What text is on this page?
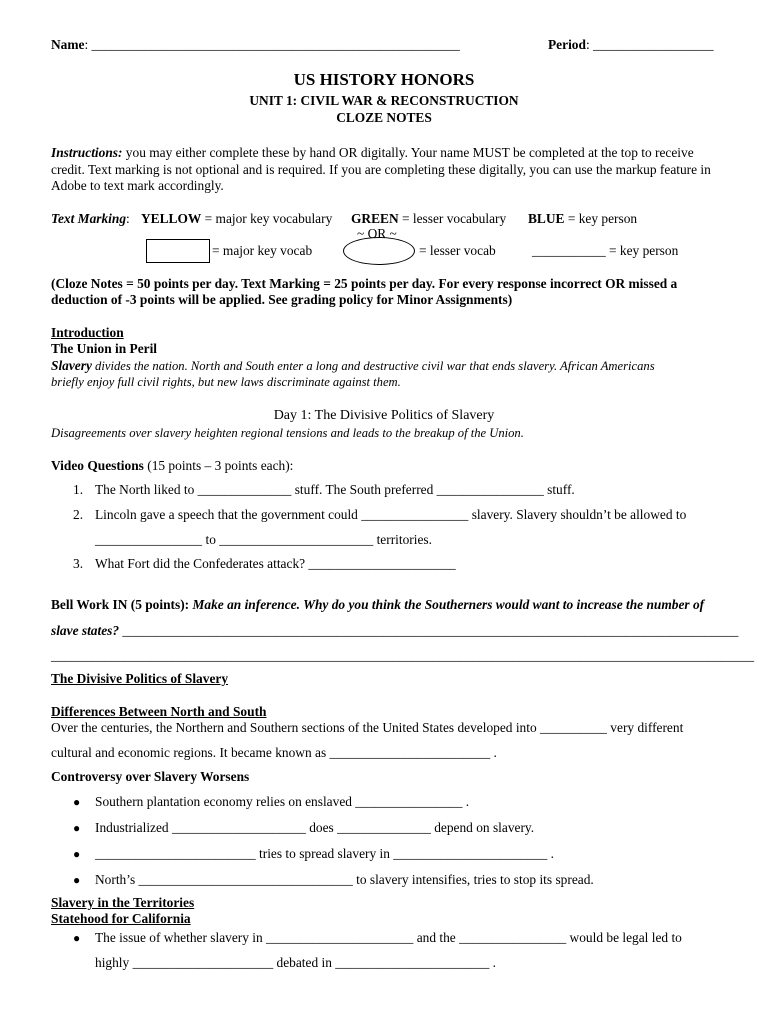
Name: _______________________________________________________	Period: __________________
US HISTORY HONORS
UNIT 1: CIVIL WAR & RECONSTRUCTION
CLOZE NOTES
Instructions: you may either complete these by hand OR digitally. Your name MUST be completed at the top to receive
credit. Text marking is not optional and is required. If you are completing these digitally, you can use the markup feature in
Adobe to text mark accordingly.
Text Marking: YELLOW = major key vocabulary GREEN = lesser vocabulary BLUE = key person
~ OR ~
= major key vocab	= lesser vocab	___________ = key person
(Cloze Notes = 50 points per day. Text Marking = 25 points per day. For every response incorrect OR missed a
deduction of -3 points will be applied. See grading policy for Minor Assignments)
Introduction
The Union in Peril
Slavery divides the nation. North and South enter a long and destructive civil war that ends slavery. African Americans
briefly enjoy full civil rights, but new laws discriminate against them.
Day 1: The Divisive Politics of Slavery
Disagreements over slavery heighten regional tensions and leads to the breakup of the Union.
Video Questions (15 points – 3 points each):
1. The North liked to ______________ stuff. The South preferred ________________ stuff.
2. Lincoln gave a speech that the government could ________________ slavery. Slavery shouldn’t be allowed to
________________ to _______________________ territories.
3. What Fort did the Confederates attack? ______________________
Bell Work IN (5 points): Make an inference. Why do you think the Southerners would want to increase the number of
slave states? ____________________________________________________________________________________________
_________________________________________________________________________________________________________
The Divisive Politics of Slavery
Differences Between North and South
Over the centuries, the Northern and Southern sections of the United States developed into __________ very different
cultural and economic regions. It became known as ________________________ .
Controversy over Slavery Worsens
● Southern plantation economy relies on enslaved ________________ .
● Industrialized ____________________ does ______________ depend on slavery.
● ________________________ tries to spread slavery in _______________________ .
● North’s ________________________________ to slavery intensifies, tries to stop its spread.
Slavery in the Territories
Statehood for California
● The issue of whether slavery in ______________________ and the ________________ would be legal led to
highly _____________________ debated in _______________________ .
